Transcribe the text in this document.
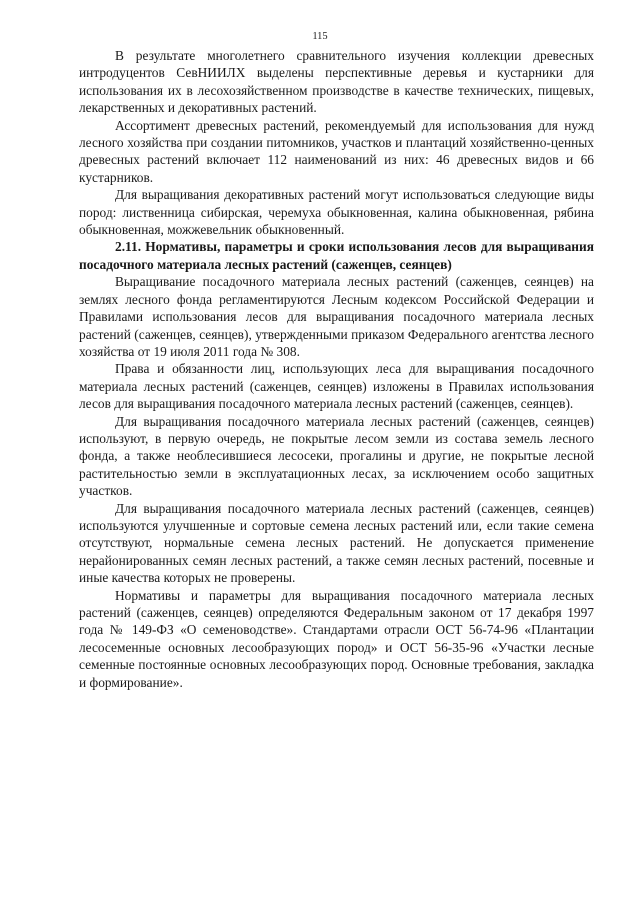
115

В результате многолетнего сравнительного изучения коллекции древесных интродуцентов СевНИИЛХ выделены перспективные деревья и кустарники для использования их в лесохозяйственном производстве в качестве технических, пищевых, лекарственных и декоративных растений.

Ассортимент древесных растений, рекомендуемый для использования для нужд лесного хозяйства при создании питомников, участков и плантаций хозяйственно-ценных древесных растений включает 112 наименований из них: 46 древесных видов и 66 кустарников.

Для выращивания декоративных растений могут использоваться следующие виды пород: лиственница сибирская, черемуха обыкновенная, калина обыкновенная, рябина обыкновенная, можжевельник обыкновенный.

2.11. Нормативы, параметры и сроки использования лесов для выращивания посадочного материала лесных растений (саженцев, сеянцев)

Выращивание посадочного материала лесных растений (саженцев, сеянцев) на землях лесного фонда регламентируются Лесным кодексом Российской Федерации и Правилами использования лесов для выращивания посадочного материала лесных растений (саженцев, сеянцев), утвержденными приказом Федерального агентства лесного хозяйства от 19 июля 2011 года № 308.

Права и обязанности лиц, использующих леса для выращивания посадочного материала лесных растений (саженцев, сеянцев) изложены в Правилах использования лесов для выращивания посадочного материала лесных растений (саженцев, сеянцев).

Для выращивания посадочного материала лесных растений (саженцев, сеянцев) используют, в первую очередь, не покрытые лесом земли из состава земель лесного фонда, а также необлесившиеся лесосеки, прогалины и другие, не покрытые лесной растительностью земли в эксплуатационных лесах, за исключением особо защитных участков.

Для выращивания посадочного материала лесных растений (саженцев, сеянцев) используются улучшенные и сортовые семена лесных растений или, если такие семена отсутствуют, нормальные семена лесных растений. Не допускается применение нерайонированных семян лесных растений, а также семян лесных растений, посевные и иные качества которых не проверены.

Нормативы и параметры для выращивания посадочного материала лесных растений (саженцев, сеянцев) определяются Федеральным законом от 17 декабря 1997 года № 149-ФЗ «О семеноводстве». Стандартами отрасли ОСТ 56-74-96 «Плантации лесосеменные основных лесообразующих пород» и ОСТ 56-35-96 «Участки лесные семенные постоянные основных лесообразующих пород. Основные требования, закладка и формирование».
